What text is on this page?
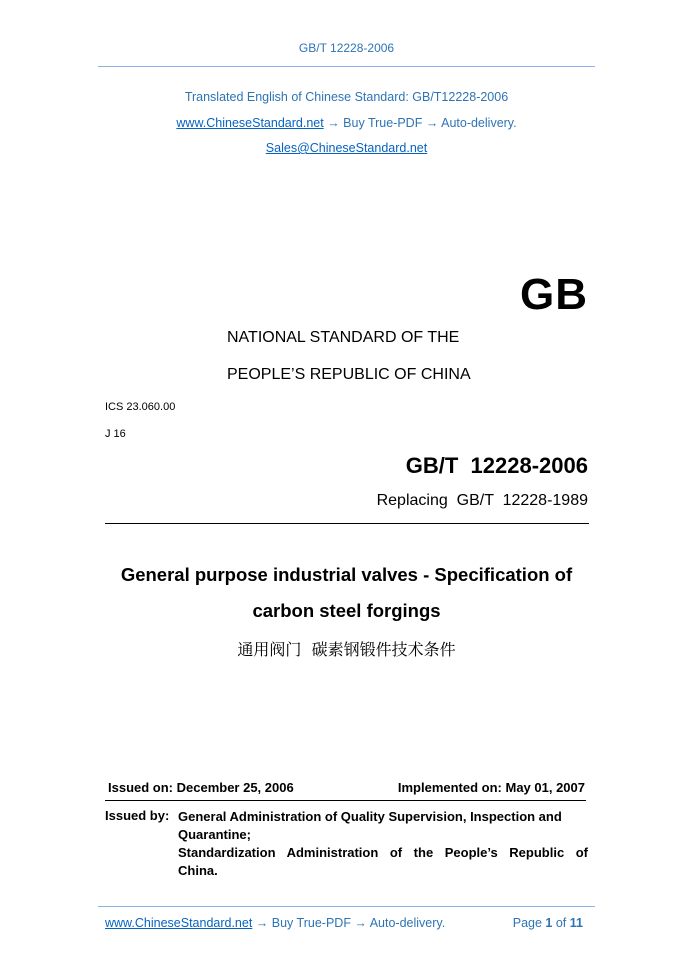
GB/T 12228-2006
Translated English of Chinese Standard: GB/T12228-2006
www.ChineseStandard.net → Buy True-PDF → Auto-delivery.
Sales@ChineseStandard.net
GB
NATIONAL STANDARD OF THE
PEOPLE’S REPUBLIC OF CHINA
ICS 23.060.00
J 16
GB/T  12228-2006
Replacing  GB/T  12228-1989
General purpose industrial valves - Specification of
carbon steel forgings
通用阀门  碳素钢锻件技术条件
Issued on: December 25, 2006	Implemented on: May 01, 2007
Issued by: General Administration of Quality Supervision, Inspection and
Quarantine;
Standardization Administration of the People’s Republic of
China.
www.ChineseStandard.net → Buy True-PDF → Auto-delivery.	Page 1 of 11
